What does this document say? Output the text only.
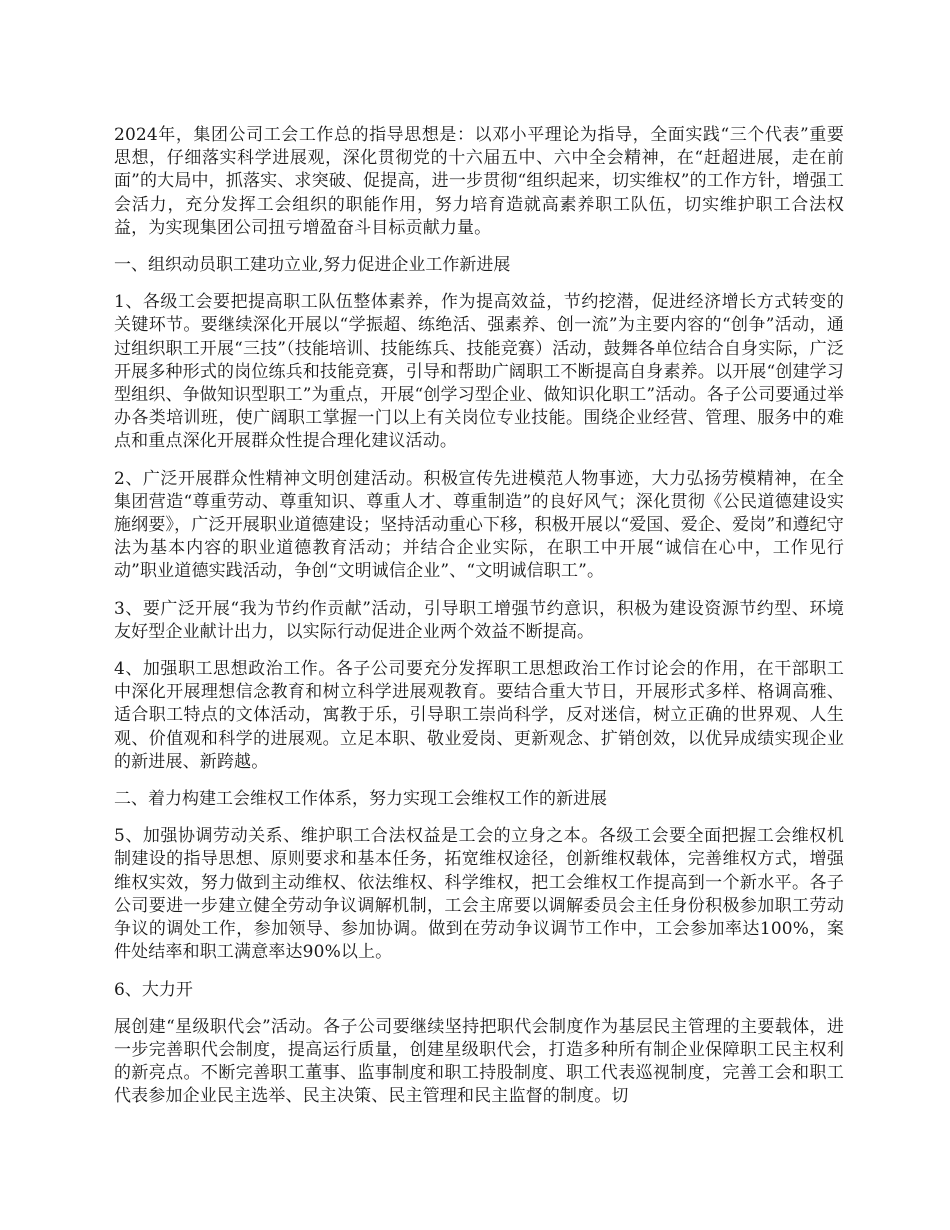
2024年，集团公司工会工作总的指导思想是：以邓小平理论为指导，全面实践“三个代表”重要思想，仔细落实科学进展观，深化贯彻党的十六届五中、六中全会精神，在“赶超进展，走在前面”的大局中，抓落实、求突破、促提高，进一步贯彻“组织起来，切实维权”的工作方针，增强工会活力，充分发挥工会组织的职能作用，努力培育造就高素养职工队伍，切实维护职工合法权益，为实现集团公司扭亏增盈奋斗目标贡献力量。

一、组织动员职工建功立业,努力促进企业工作新进展

1、各级工会要把提高职工队伍整体素养，作为提高效益，节约挖潜，促进经济增长方式转变的关键环节。要继续深化开展以“学振超、练绝活、强素养、创一流”为主要内容的“创争”活动，通过组织职工开展“三技”（技能培训、技能练兵、技能竞赛）活动，鼓舞各单位结合自身实际，广泛开展多种形式的岗位练兵和技能竞赛，引导和帮助广阔职工不断提高自身素养。以开展“创建学习型组织、争做知识型职工”为重点，开展“创学习型企业、做知识化职工”活动。各子公司要通过举办各类培训班，使广阔职工掌握一门以上有关岗位专业技能。围绕企业经营、管理、服务中的难点和重点深化开展群众性提合理化建议活动。

2、广泛开展群众性精神文明创建活动。积极宣传先进模范人物事迹，大力弘扬劳模精神，在全集团营造“尊重劳动、尊重知识、尊重人才、尊重制造”的良好风气；深化贯彻《公民道德建设实施纲要》，广泛开展职业道德建设；坚持活动重心下移，积极开展以“爱国、爱企、爱岗”和遵纪守法为基本内容的职业道德教育活动；并结合企业实际，在职工中开展“诚信在心中，工作见行动”职业道德实践活动，争创“文明诚信企业”、“文明诚信职工”。

3、要广泛开展“我为节约作贡献”活动，引导职工增强节约意识，积极为建设资源节约型、环境友好型企业献计出力，以实际行动促进企业两个效益不断提高。

4、加强职工思想政治工作。各子公司要充分发挥职工思想政治工作讨论会的作用，在干部职工中深化开展理想信念教育和树立科学进展观教育。要结合重大节日，开展形式多样、格调高雅、适合职工特点的文体活动，寓教于乐，引导职工崇尚科学，反对迷信，树立正确的世界观、人生观、价值观和科学的进展观。立足本职、敬业爱岗、更新观念、扩销创效，以优异成绩实现企业的新进展、新跨越。

二、着力构建工会维权工作体系，努力实现工会维权工作的新进展

5、加强协调劳动关系、维护职工合法权益是工会的立身之本。各级工会要全面把握工会维权机制建设的指导思想、原则要求和基本任务，拓宽维权途径，创新维权载体，完善维权方式，增强维权实效，努力做到主动维权、依法维权、科学维权，把工会维权工作提高到一个新水平。各子公司要进一步建立健全劳动争议调解机制，工会主席要以调解委员会主任身份积极参加职工劳动争议的调处工作，参加领导、参加协调。做到在劳动争议调节工作中，工会参加率达100%，案件处结率和职工满意率达90%以上。

6、大力开

展创建“星级职代会”活动。各子公司要继续坚持把职代会制度作为基层民主管理的主要载体，进一步完善职代会制度，提高运行质量，创建星级职代会，打造多种所有制企业保障职工民主权利的新亮点。不断完善职工董事、监事制度和职工持股制度、职工代表巡视制度，完善工会和职工代表参加企业民主选举、民主决策、民主管理和民主监督的制度。切
